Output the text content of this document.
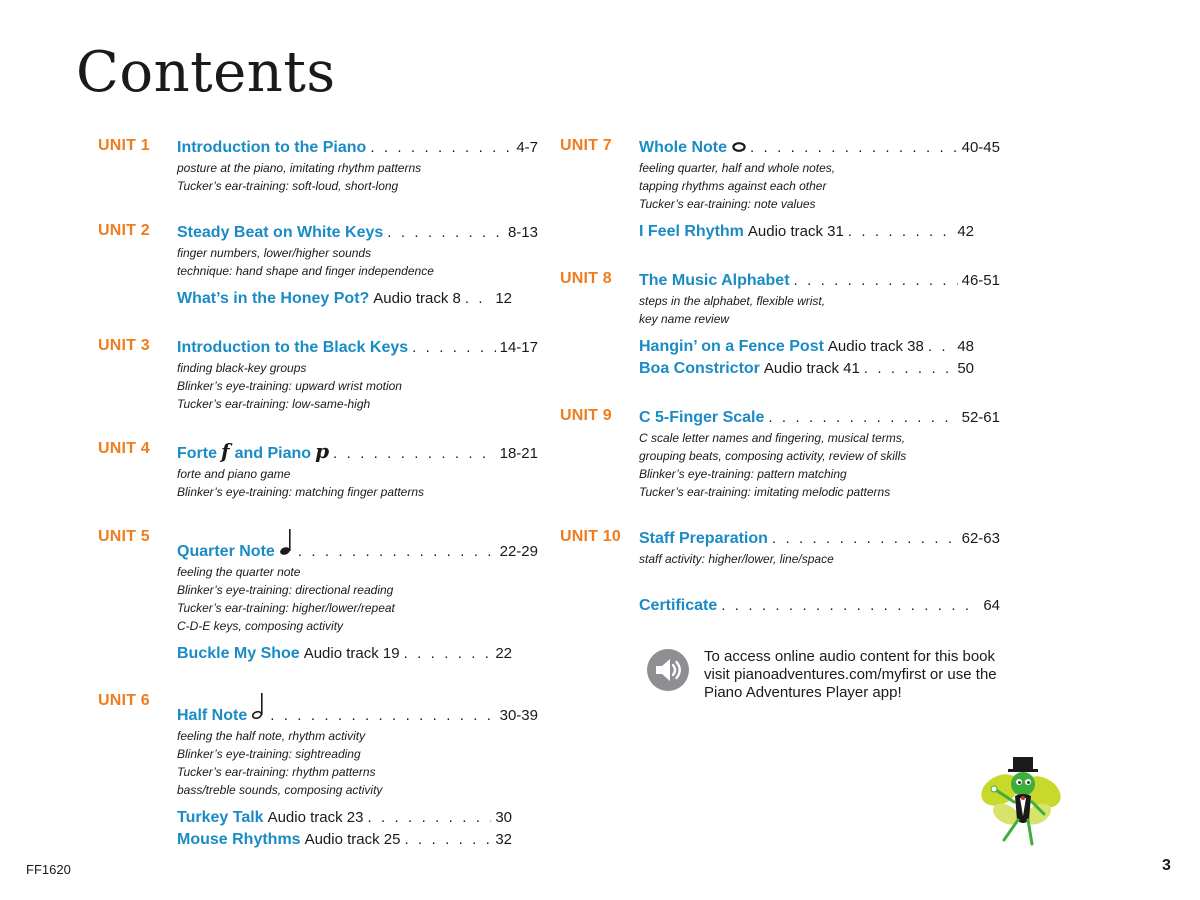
Contents
UNIT 1 Introduction to the Piano . . .	4-7
posture at the piano, imitating rhythm patterns
Tucker’s ear-training: soft-loud, short-long
UNIT 2 Steady Beat on White Keys . . .	8-13
finger numbers, lower/higher sounds
technique: hand shape and finger independence
What’s in the Honey Pot? Audio track 8 . . . 12
UNIT 3 Introduction to the Black Keys . . .	14-17
finding black-key groups
Blinker’s eye-training: upward wrist motion
Tucker’s ear-training: low-same-high
UNIT 4 Forte f and Piano p . . .	18-21
forte and piano game
Blinker’s eye-training: matching finger patterns
UNIT 5
Quarter Note . . .	22-29
feeling the quarter note
Blinker’s eye-training: directional reading
Tucker’s ear-training: higher/lower/repeat
C-D-E keys, composing activity
Buckle My Shoe Audio track 19 . . .	22
UNIT 6
Half Note . . .	30-39
feeling the half note, rhythm activity
Blinker’s eye-training: sightreading
Tucker’s ear-training: rhythm patterns
bass/treble sounds, composing activity
Turkey Talk Audio track 23 . . .	30
Mouse Rhythms Audio track 25 . . .	32
UNIT 7 Whole Note . . .	40-45
feeling quarter, half and whole notes,
tapping rhythms against each other
Tucker’s ear-training: note values
I Feel Rhythm Audio track 31 . . .	42
UNIT 8 The Music Alphabet . . .	46-51
steps in the alphabet, flexible wrist,
key name review
Hangin’ on a Fence Post Audio track 38 . . . 48
Boa Constrictor Audio track 41 . . .	50
UNIT 9 C 5-Finger Scale . . .	52-61
C scale letter names and fingering, musical terms,
grouping beats, composing activity, review of skills
Blinker’s eye-training: pattern matching
Tucker’s ear-training: imitating melodic patterns
UNIT 10 Staff Preparation . . .	62-63
staff activity: higher/lower, line/space
Certificate . . .	64
To access online audio content for this book visit pianoadventures.com/myfirst or use the Piano Adventures Player app!
FF1620	3
